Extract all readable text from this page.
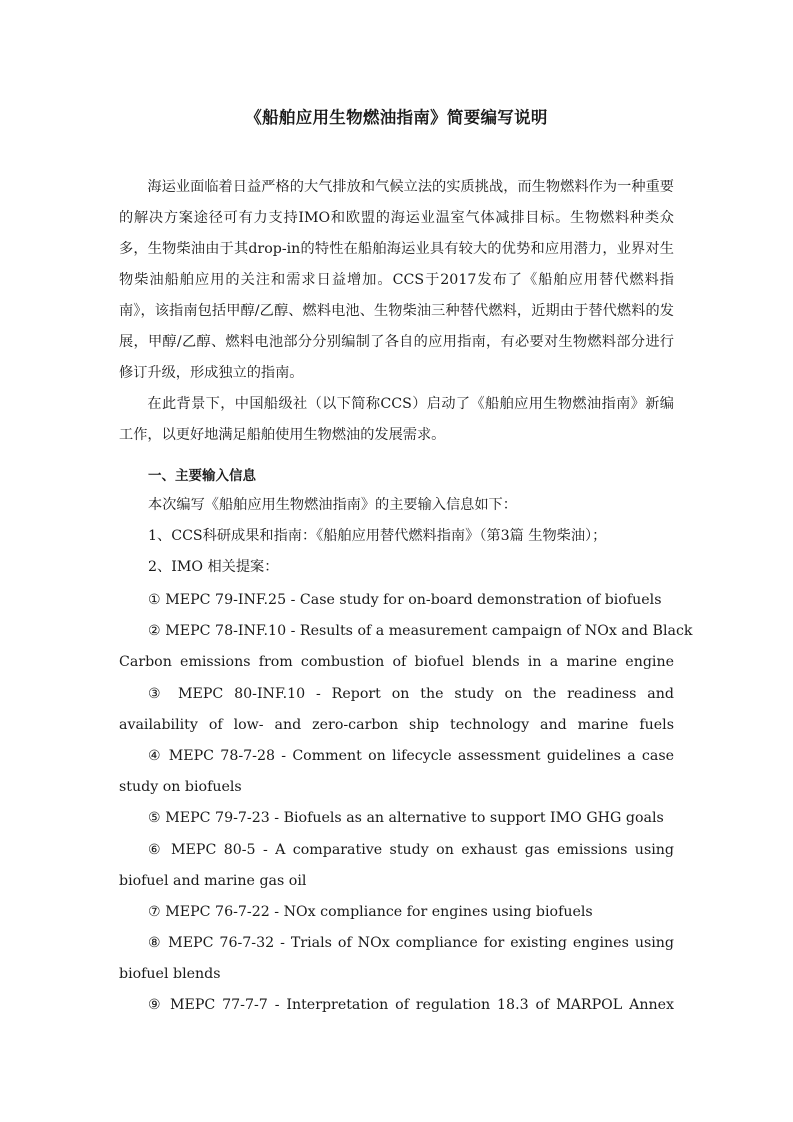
《船舶应用生物燃油指南》简要编写说明

海运业面临着日益严格的大气排放和气候立法的实质挑战，而生物燃料作为一种重要的解决方案途径可有力支持IMO和欧盟的海运业温室气体减排目标。生物燃料种类众多，生物柴油由于其drop-in的特性在船舶海运业具有较大的优势和应用潜力，业界对生物柴油船舶应用的关注和需求日益增加。CCS于2017发布了《船舶应用替代燃料指南》，该指南包括甲醇/乙醇、燃料电池、生物柴油三种替代燃料，近期由于替代燃料的发展，甲醇/乙醇、燃料电池部分分别编制了各自的应用指南，有必要对生物燃料部分进行修订升级，形成独立的指南。

在此背景下，中国船级社（以下简称CCS）启动了《船舶应用生物燃油指南》新编工作，以更好地满足船舶使用生物燃油的发展需求。

一、主要输入信息
本次编写《船舶应用生物燃油指南》的主要输入信息如下：
1、CCS科研成果和指南：《船舶应用替代燃料指南》（第3篇 生物柴油）；
2、IMO 相关提案：
① MEPC 79-INF.25 - Case study for on-board demonstration of biofuels
② MEPC 78-INF.10 - Results of a measurement campaign of NOx and Black
Carbon emissions from combustion of biofuel blends in a marine engine
③ MEPC 80-INF.10 - Report on the study on the readiness and
availability of low- and zero-carbon ship technology and marine fuels
④ MEPC 78-7-28 - Comment on lifecycle assessment guidelines a case
study on biofuels
⑤ MEPC 79-7-23 - Biofuels as an alternative to support IMO GHG goals
⑥ MEPC 80-5 - A comparative study on exhaust gas emissions using
biofuel and marine gas oil
⑦ MEPC 76-7-22 - NOx compliance for engines using biofuels
⑧ MEPC 76-7-32 - Trials of NOx compliance for existing engines using
biofuel blends
⑨ MEPC 77-7-7 - Interpretation of regulation 18.3 of MARPOL Annex
